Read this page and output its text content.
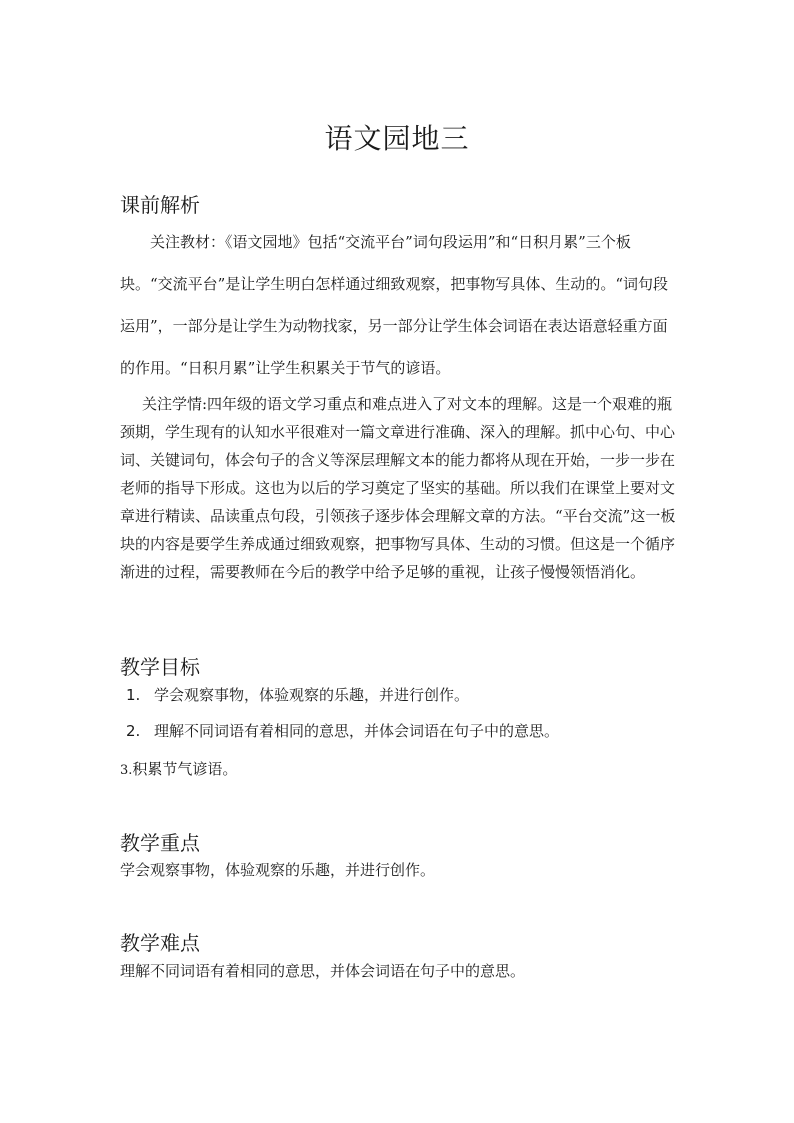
语文园地三
课前解析

关注教材：《语文园地》包括“交流平台”词句段运用”和“日积月累”三个板块。“交流平台”是让学生明白怎样通过细致观察，把事物写具体、生动的。“词句段运用”，一部分是让学生为动物找家，另一部分让学生体会词语在表达语意轻重方面的作用。“日积月累”让学生积累关于节气的谚语。

关注学情:四年级的语文学习重点和难点进入了对文本的理解。这是一个艰难的瓶颈期，学生现有的认知水平很难对一篇文章进行准确、深入的理解。抓中心句、中心词、关键词句，体会句子的含义等深层理解文本的能力都将从现在开始，一步一步在老师的指导下形成。这也为以后的学习奠定了坚实的基础。所以我们在课堂上要对文章进行精读、品读重点句段，引领孩子逐步体会理解文章的方法。“平台交流”这一板块的内容是要学生养成通过细致观察，把事物写具体、生动的习惯。但这是一个循序渐进的过程，需要教师在今后的教学中给予足够的重视，让孩子慢慢领悟消化。

教学目标
1. 学会观察事物，体验观察的乐趣，并进行创作。
2. 理解不同词语有着相同的意思，并体会词语在句子中的意思。
3.积累节气谚语。
教学重点
学会观察事物，体验观察的乐趣，并进行创作。
教学难点
理解不同词语有着相同的意思，并体会词语在句子中的意思。
